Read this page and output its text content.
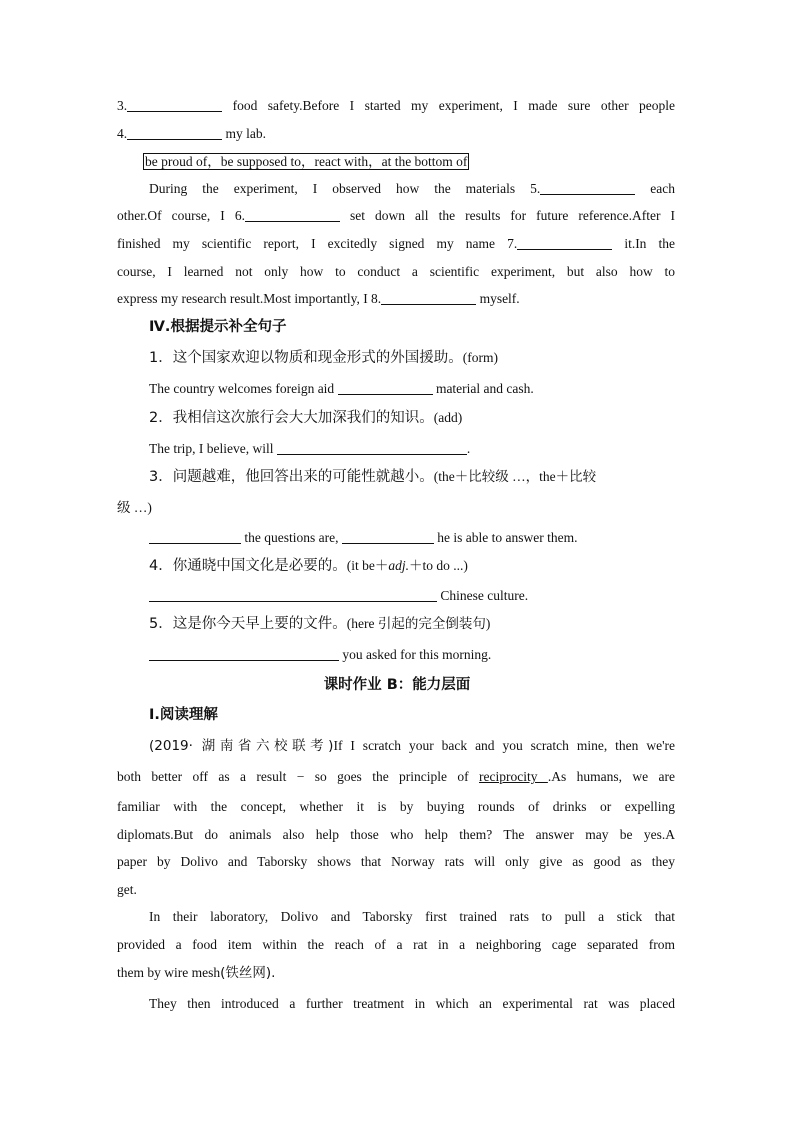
3.	food safety.Before I started my experiment, I made sure other people
4.	my lab.
be proud of，be supposed to，react with，at the bottom of
During the experiment, I observed how the materials 5.	each
other.Of course, I 6.	set down all the results for future reference.After I
finished my scientific report, I excitedly signed my name 7.	it.In the
course, I learned not only how to conduct a scientific experiment, but also how to
express my research result.Most importantly, I 8.	myself.
Ⅳ.根据提示补全句子
1．这个国家欢迎以物质和现金形式的外国援助。(form)
The country welcomes foreign aid	material and cash.
2．我相信这次旅行会大大加深我们的知识。(add)
The trip, I believe, will	.
3．问题越难，他回答出来的可能性就越小。(the＋比较级 …，the＋比较
级 …)
the questions are,	he is able to answer them.
4．你通晓中国文化是必要的。(it be＋adj.＋to do ...)
Chinese culture.
5．这是你今天早上要的文件。(here 引起的完全倒装句)
you asked for this morning.
课时作业 B：能力层面
Ⅰ.阅读理解
(2019· 湖南省六校联考)If I scratch your back and you scratch mine, then we're
both better off as a result − so goes the principle of reciprocity .As humans, we are
familiar with the concept, whether it is by buying rounds of drinks or expelling
diplomats.But do animals also help those who help them? The answer may be yes.A
paper by Dolivo and Taborsky shows that Norway rats will only give as good as they
get.
In their laboratory, Dolivo and Taborsky first trained rats to pull a stick that
provided a food item within the reach of a rat in a neighboring cage separated from
them by wire mesh(铁丝网).
They then introduced a further treatment in which an experimental rat was placed
